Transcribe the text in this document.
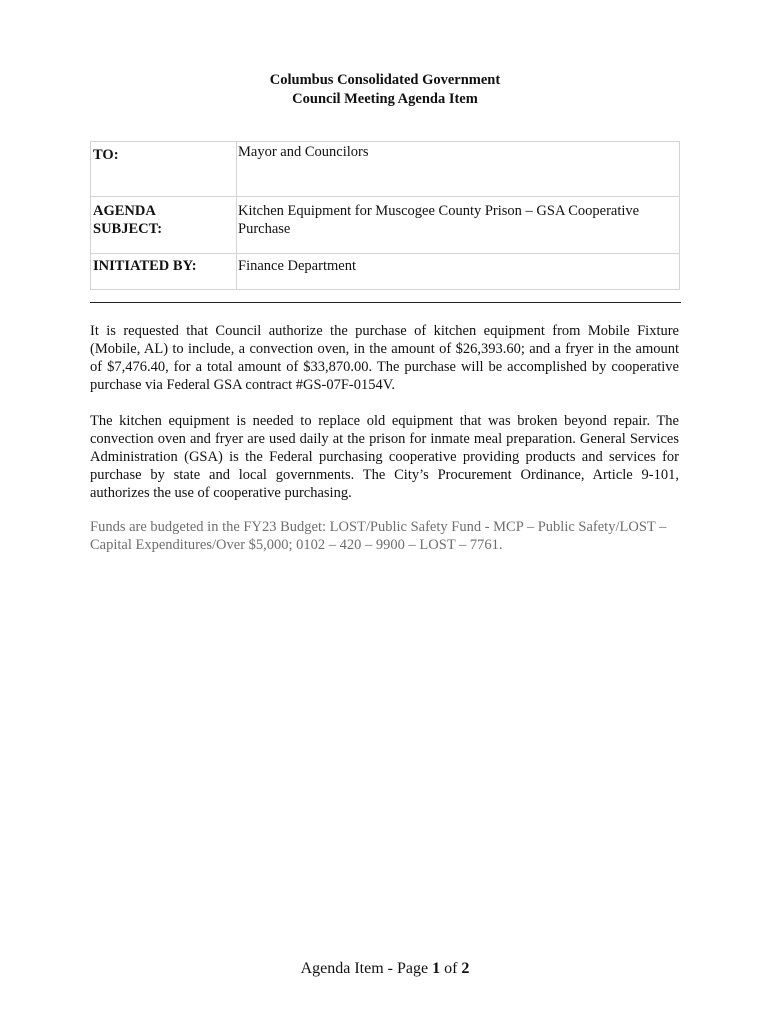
Columbus Consolidated Government
Council Meeting Agenda Item
TO:	Mayor and Councilors

AGENDA
SUBJECT:	Kitchen Equipment for Muscogee County Prison – GSA Cooperative Purchase
INITIATED BY:	Finance Department

It is requested that Council authorize the purchase of kitchen equipment from Mobile Fixture (Mobile, AL) to include, a convection oven, in the amount of $26,393.60; and a fryer in the amount of $7,476.40, for a total amount of $33,870.00. The purchase will be accomplished by cooperative purchase via Federal GSA contract #GS-07F-0154V.

The kitchen equipment is needed to replace old equipment that was broken beyond repair. The convection oven and fryer are used daily at the prison for inmate meal preparation. General Services Administration (GSA) is the Federal purchasing cooperative providing products and services for purchase by state and local governments. The City’s Procurement Ordinance, Article 9-101, authorizes the use of cooperative purchasing.

Funds are budgeted in the FY23 Budget: LOST/Public Safety Fund - MCP – Public Safety/LOST – Capital Expenditures/Over $5,000; 0102 – 420 – 9900 – LOST – 7761.

Agenda Item - Page 1 of 2
